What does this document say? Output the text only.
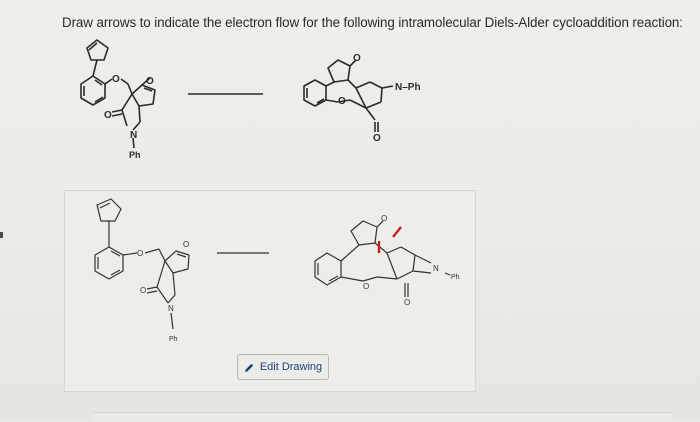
Draw arrows to indicate the electron flow for the following intramolecular Diels-Alder cycloaddition reaction:
O	O
O
N
Ph
O
O
O
N–Ph
O
O
O
N
Ph
O
O
O
N
Ph
Edit Drawing
